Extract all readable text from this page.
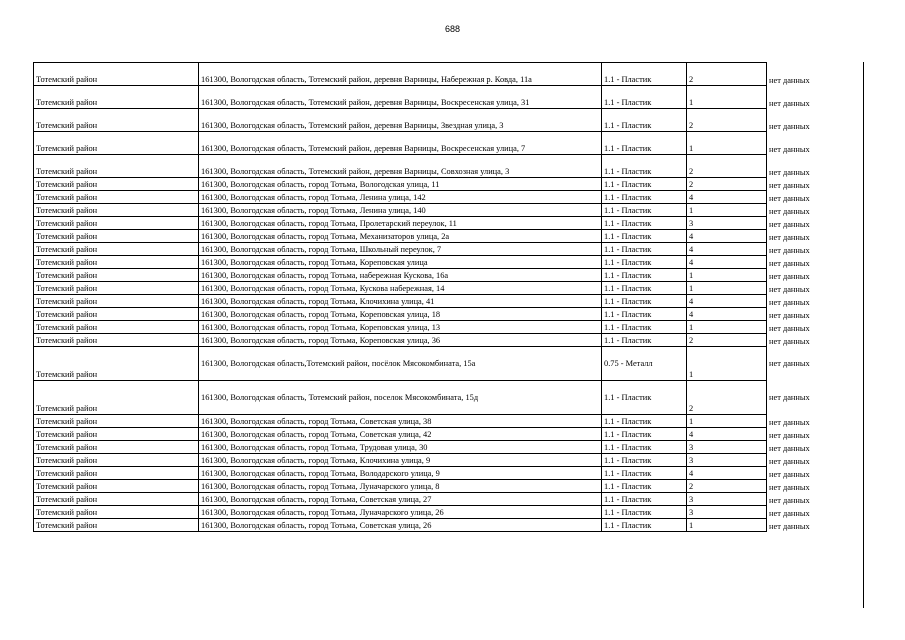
688
Тотемский район	161300, Вологодская область, Тотемский район, деревня Варницы, Набережная р. Ковда, 11а	1.1 - Пластик	2	нет данных
Тотемский район	161300, Вологодская область, Тотемский район, деревня Варницы, Воскресенская улица, 31	1.1 - Пластик	1	нет данных
Тотемский район	161300, Вологодская область, Тотемский район, деревня Варницы, Звездная улица, 3	1.1 - Пластик	2	нет данных
Тотемский район	161300, Вологодская область, Тотемский район, деревня Варницы, Воскресенская улица, 7	1.1 - Пластик	1	нет данных
Тотемский район	161300, Вологодская область, Тотемский район, деревня Варницы, Совхозная улица, 3	1.1 - Пластик	2	нет данных
Тотемский район	161300, Вологодская область, город Тотьма, Вологодская улица, 11	1.1 - Пластик	2	нет данных
Тотемский район	161300, Вологодская область, город Тотьма, Ленина улица, 142	1.1 - Пластик	4	нет данных
Тотемский район	161300, Вологодская область, город Тотьма, Ленина улица, 140	1.1 - Пластик	1	нет данных
Тотемский район	161300, Вологодская область, город Тотьма, Пролетарский переулок, 11	1.1 - Пластик	3	нет данных
Тотемский район	161300, Вологодская область, город Тотьма, Механизаторов улица, 2а	1.1 - Пластик	4	нет данных
Тотемский район	161300, Вологодская область, город Тотьма, Школьный переулок, 7	1.1 - Пластик	4	нет данных
Тотемский район	161300, Вологодская область, город Тотьма, Кореповская улица	1.1 - Пластик	4	нет данных
Тотемский район	161300, Вологодская область, город Тотьма, набережная Кускова, 16а	1.1 - Пластик	1	нет данных
Тотемский район	161300, Вологодская область, город Тотьма, Кускова набережная, 14	1.1 - Пластик	1	нет данных
Тотемский район	161300, Вологодская область, город Тотьма, Клочихина улица, 41	1.1 - Пластик	4	нет данных
Тотемский район	161300, Вологодская область, город Тотьма, Кореповская улица, 18	1.1 - Пластик	4	нет данных
Тотемский район	161300, Вологодская область, город Тотьма, Кореповская улица, 13	1.1 - Пластик	1	нет данных
Тотемский район	161300, Вологодская область, город Тотьма, Кореповская улица, 36	1.1 - Пластик	2	нет данных
Тотемский район	161300, Вологодская область,Тотемский район, посёлок Мясокомбината, 15а	0.75 - Металл	1	нет данных
Тотемский район	161300, Вологодская область, Тотемский район, поселок Мясокомбината, 15д	1.1 - Пластик	2	нет данных
Тотемский район	161300, Вологодская область, город Тотьма, Советская улица, 38	1.1 - Пластик	1	нет данных
Тотемский район	161300, Вологодская область, город Тотьма, Советская улица, 42	1.1 - Пластик	4	нет данных
Тотемский район	161300, Вологодская область, город Тотьма, Трудовая улица, 30	1.1 - Пластик	3	нет данных
Тотемский район	161300, Вологодская область, город Тотьма, Клочихина улица, 9	1.1 - Пластик	3	нет данных
Тотемский район	161300, Вологодская область, город Тотьма, Володарского улица, 9	1.1 - Пластик	4	нет данных
Тотемский район	161300, Вологодская область, город Тотьма, Луначарского улица, 8	1.1 - Пластик	2	нет данных
Тотемский район	161300, Вологодская область, город Тотьма, Советская улица, 27	1.1 - Пластик	3	нет данных
Тотемский район	161300, Вологодская область, город Тотьма, Луначарского улица, 26	1.1 - Пластик	3	нет данных
Тотемский район	161300, Вологодская область, город Тотьма, Советская улица, 26	1.1 - Пластик	1	нет данных
